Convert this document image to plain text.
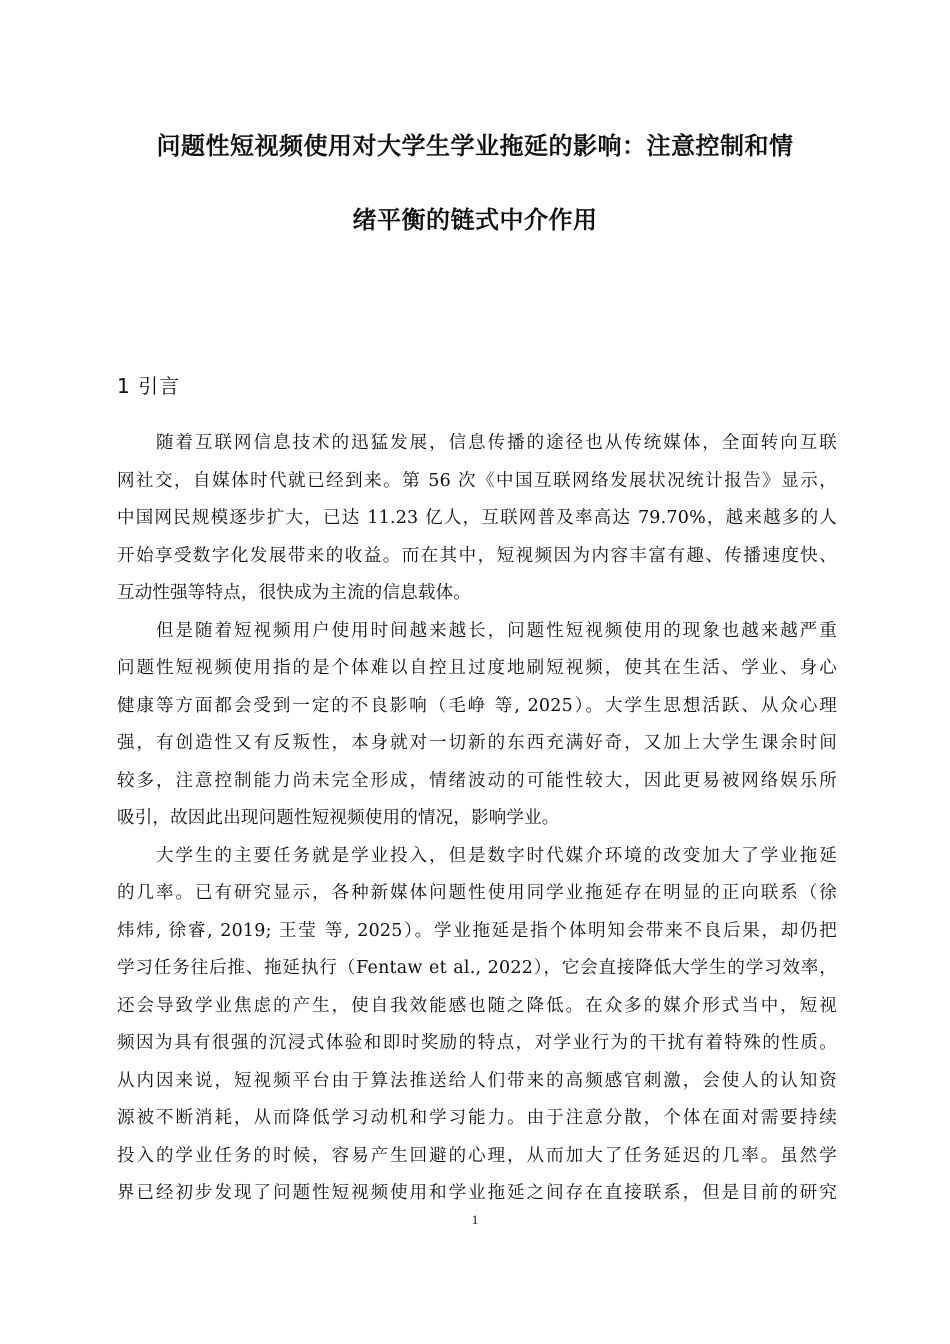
问题性短视频使用对大学生学业拖延的影响：注意控制和情
绪平衡的链式中介作用
1 引言
　　随着互联网信息技术的迅猛发展，信息传播的途径也从传统媒体，全面转向互联
网社交，自媒体时代就已经到来。第 56 次《中国互联网络发展状况统计报告》显示，
中国网民规模逐步扩大，已达 11.23 亿人，互联网普及率高达 79.70%，越来越多的人
开始享受数字化发展带来的收益。而在其中，短视频因为内容丰富有趣、传播速度快、
互动性强等特点，很快成为主流的信息载体。
　　但是随着短视频用户使用时间越来越长，问题性短视频使用的现象也越来越严重
问题性短视频使用指的是个体难以自控且过度地刷短视频，使其在生活、学业、身心
健康等方面都会受到一定的不良影响（毛峥 等, 2025）。大学生思想活跃、从众心理
强，有创造性又有反叛性，本身就对一切新的东西充满好奇，又加上大学生课余时间
较多，注意控制能力尚未完全形成，情绪波动的可能性较大，因此更易被网络娱乐所
吸引，故因此出现问题性短视频使用的情况，影响学业。
　　大学生的主要任务就是学业投入，但是数字时代媒介环境的改变加大了学业拖延
的几率。已有研究显示，各种新媒体问题性使用同学业拖延存在明显的正向联系（徐
炜炜, 徐睿, 2019; 王莹 等, 2025）。学业拖延是指个体明知会带来不良后果，却仍把
学习任务往后推、拖延执行（Fentaw et al., 2022），它会直接降低大学生的学习效率，
还会导致学业焦虑的产生，使自我效能感也随之降低。在众多的媒介形式当中，短视
频因为具有很强的沉浸式体验和即时奖励的特点，对学业行为的干扰有着特殊的性质。
从内因来说，短视频平台由于算法推送给人们带来的高频感官刺激，会使人的认知资
源被不断消耗，从而降低学习动机和学习能力。由于注意分散，个体在面对需要持续
投入的学业任务的时候，容易产生回避的心理，从而加大了任务延迟的几率。虽然学
界已经初步发现了问题性短视频使用和学业拖延之间存在直接联系，但是目前的研究
1
